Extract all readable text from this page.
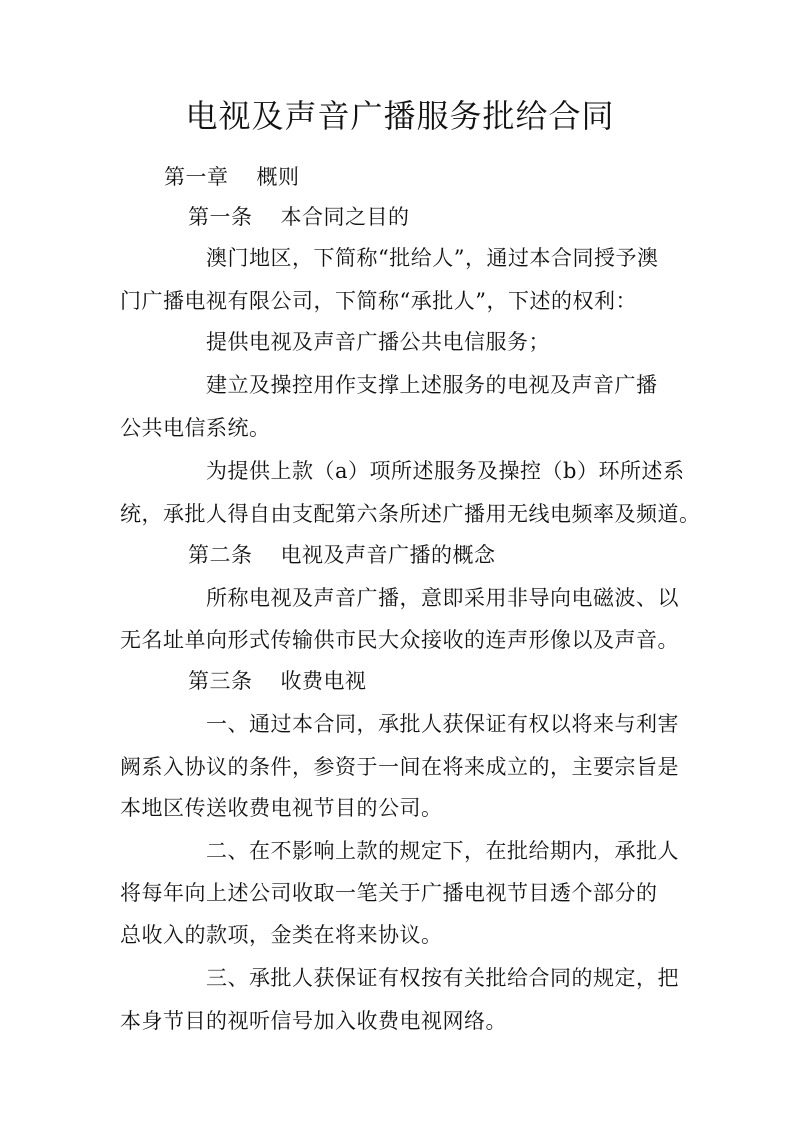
电视及声音广播服务批给合同
第一章 概则
第一条 本合同之目的
澳门地区，下简称“批给人”，通过本合同授予澳
门广播电视有限公司，下简称“承批人”，下述的权利：
提供电视及声音广播公共电信服务；
建立及操控用作支撑上述服务的电视及声音广播
公共电信系统。
为提供上款（a）项所述服务及操控（b）环所述系
统，承批人得自由支配第六条所述广播用无线电频率及频道。
第二条 电视及声音广播的概念
所称电视及声音广播，意即采用非导向电磁波、以
无名址单向形式传输供市民大众接收的连声形像以及声音。
第三条 收费电视
一、通过本合同，承批人获保证有权以将来与利害
阙系入协议的条件，参资于一间在将来成立的，主要宗旨是
本地区传送收费电视节目的公司。
二、在不影响上款的规定下，在批给期内，承批人
将每年向上述公司收取一笔关于广播电视节目透个部分的
总收入的款项，金类在将来协议。
三、承批人获保证有权按有关批给合同的规定，把
本身节目的视听信号加入收费电视网络。
